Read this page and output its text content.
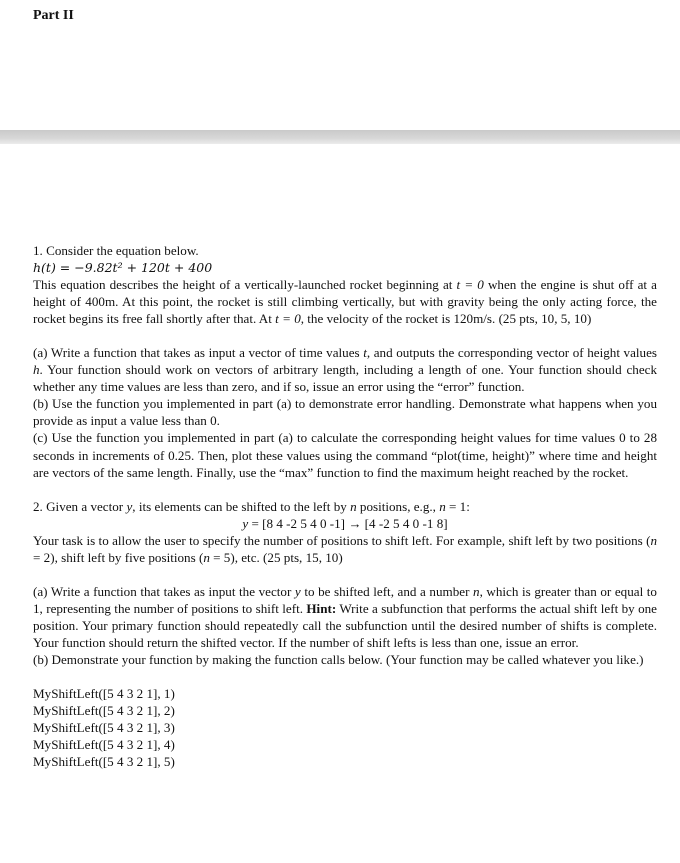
Part II

1. Consider the equation below.

h(t) = −9.82t² + 120t + 400

This equation describes the height of a vertically-launched rocket beginning at t = 0 when the engine is shut off at a height of 400m. At this point, the rocket is still climbing vertically, but with gravity being the only acting force, the rocket begins its free fall shortly after that. At t = 0, the velocity of the rocket is 120m/s. (25 pts, 10, 5, 10)

(a) Write a function that takes as input a vector of time values t, and outputs the corresponding vector of height values h. Your function should work on vectors of arbitrary length, including a length of one. Your function should check whether any time values are less than zero, and if so, issue an error using the “error” function.

(b) Use the function you implemented in part (a) to demonstrate error handling. Demonstrate what happens when you provide as input a value less than 0.

(c) Use the function you implemented in part (a) to calculate the corresponding height values for time values 0 to 28 seconds in increments of 0.25. Then, plot these values using the command “plot(time, height)” where time and height are vectors of the same length. Finally, use the “max” function to find the maximum height reached by the rocket.

2. Given a vector y, its elements can be shifted to the left by n positions, e.g., n = 1:

y = [8 4 -2 5 4 0 -1] → [4 -2 5 4 0 -1 8]

Your task is to allow the user to specify the number of positions to shift left. For example, shift left by two positions (n = 2), shift left by five positions (n = 5), etc. (25 pts, 15, 10)

(a) Write a function that takes as input the vector y to be shifted left, and a number n, which is greater than or equal to 1, representing the number of positions to shift left. Hint: Write a subfunction that performs the actual shift left by one position. Your primary function should repeatedly call the subfunction until the desired number of shifts is complete. Your function should return the shifted vector. If the number of shift lefts is less than one, issue an error.

(b) Demonstrate your function by making the function calls below. (Your function may be called whatever you like.)

MyShiftLeft([5 4 3 2 1], 1)

MyShiftLeft([5 4 3 2 1], 2)

MyShiftLeft([5 4 3 2 1], 3)

MyShiftLeft([5 4 3 2 1], 4)

MyShiftLeft([5 4 3 2 1], 5)
